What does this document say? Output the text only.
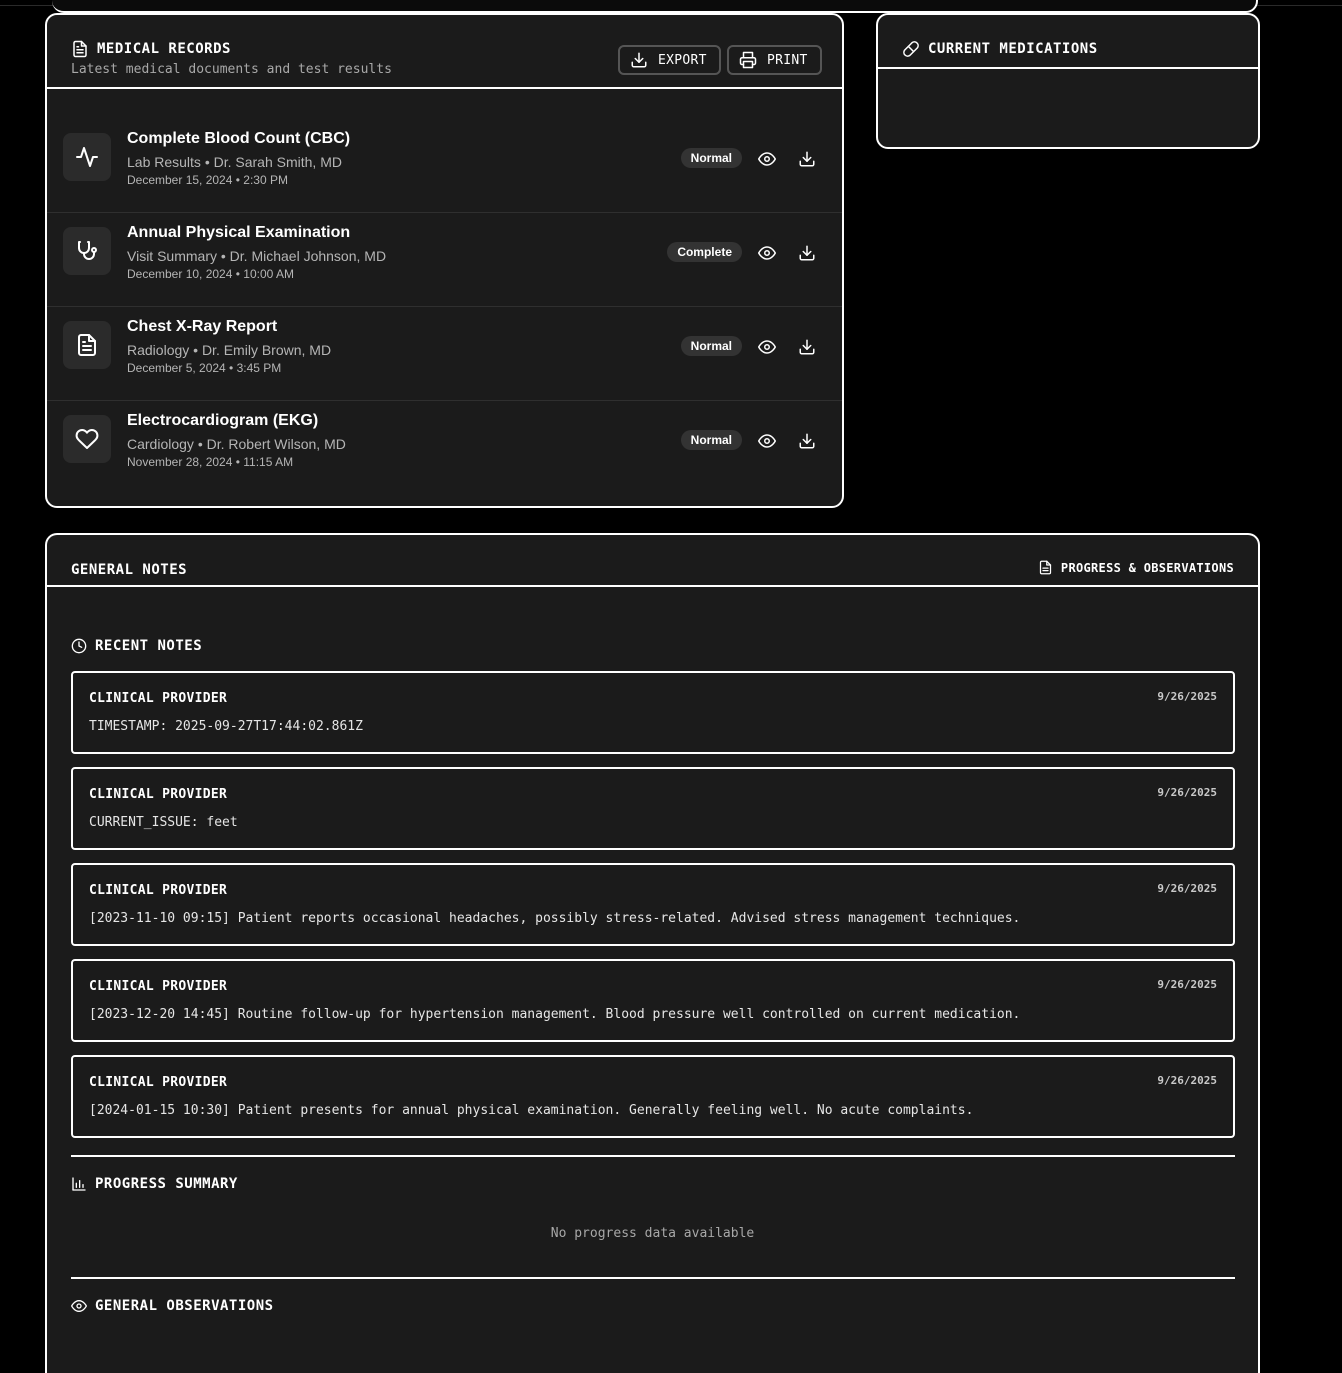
MEDICAL RECORDS
Latest medical documents and test results
EXPORT	PRINT
Complete Blood Count (CBC)
Lab Results • Dr. Sarah Smith, MD
December 15, 2024 • 2:30 PM
Normal
Annual Physical Examination
Visit Summary • Dr. Michael Johnson, MD
December 10, 2024 • 10:00 AM
Complete
Chest X-Ray Report
Radiology • Dr. Emily Brown, MD
December 5, 2024 • 3:45 PM
Normal
Electrocardiogram (EKG)
Cardiology • Dr. Robert Wilson, MD
November 28, 2024 • 11:15 AM
Normal
CURRENT MEDICATIONS
GENERAL NOTES	PROGRESS & OBSERVATIONS
RECENT NOTES
CLINICAL PROVIDER	9/26/2025
TIMESTAMP: 2025-09-27T17:44:02.861Z
CLINICAL PROVIDER	9/26/2025
CURRENT_ISSUE: feet
CLINICAL PROVIDER	9/26/2025
[2023-11-10 09:15] Patient reports occasional headaches, possibly stress-related. Advised stress management techniques.
CLINICAL PROVIDER	9/26/2025
[2023-12-20 14:45] Routine follow-up for hypertension management. Blood pressure well controlled on current medication.
CLINICAL PROVIDER	9/26/2025
[2024-01-15 10:30] Patient presents for annual physical examination. Generally feeling well. No acute complaints.
PROGRESS SUMMARY
No progress data available
GENERAL OBSERVATIONS
